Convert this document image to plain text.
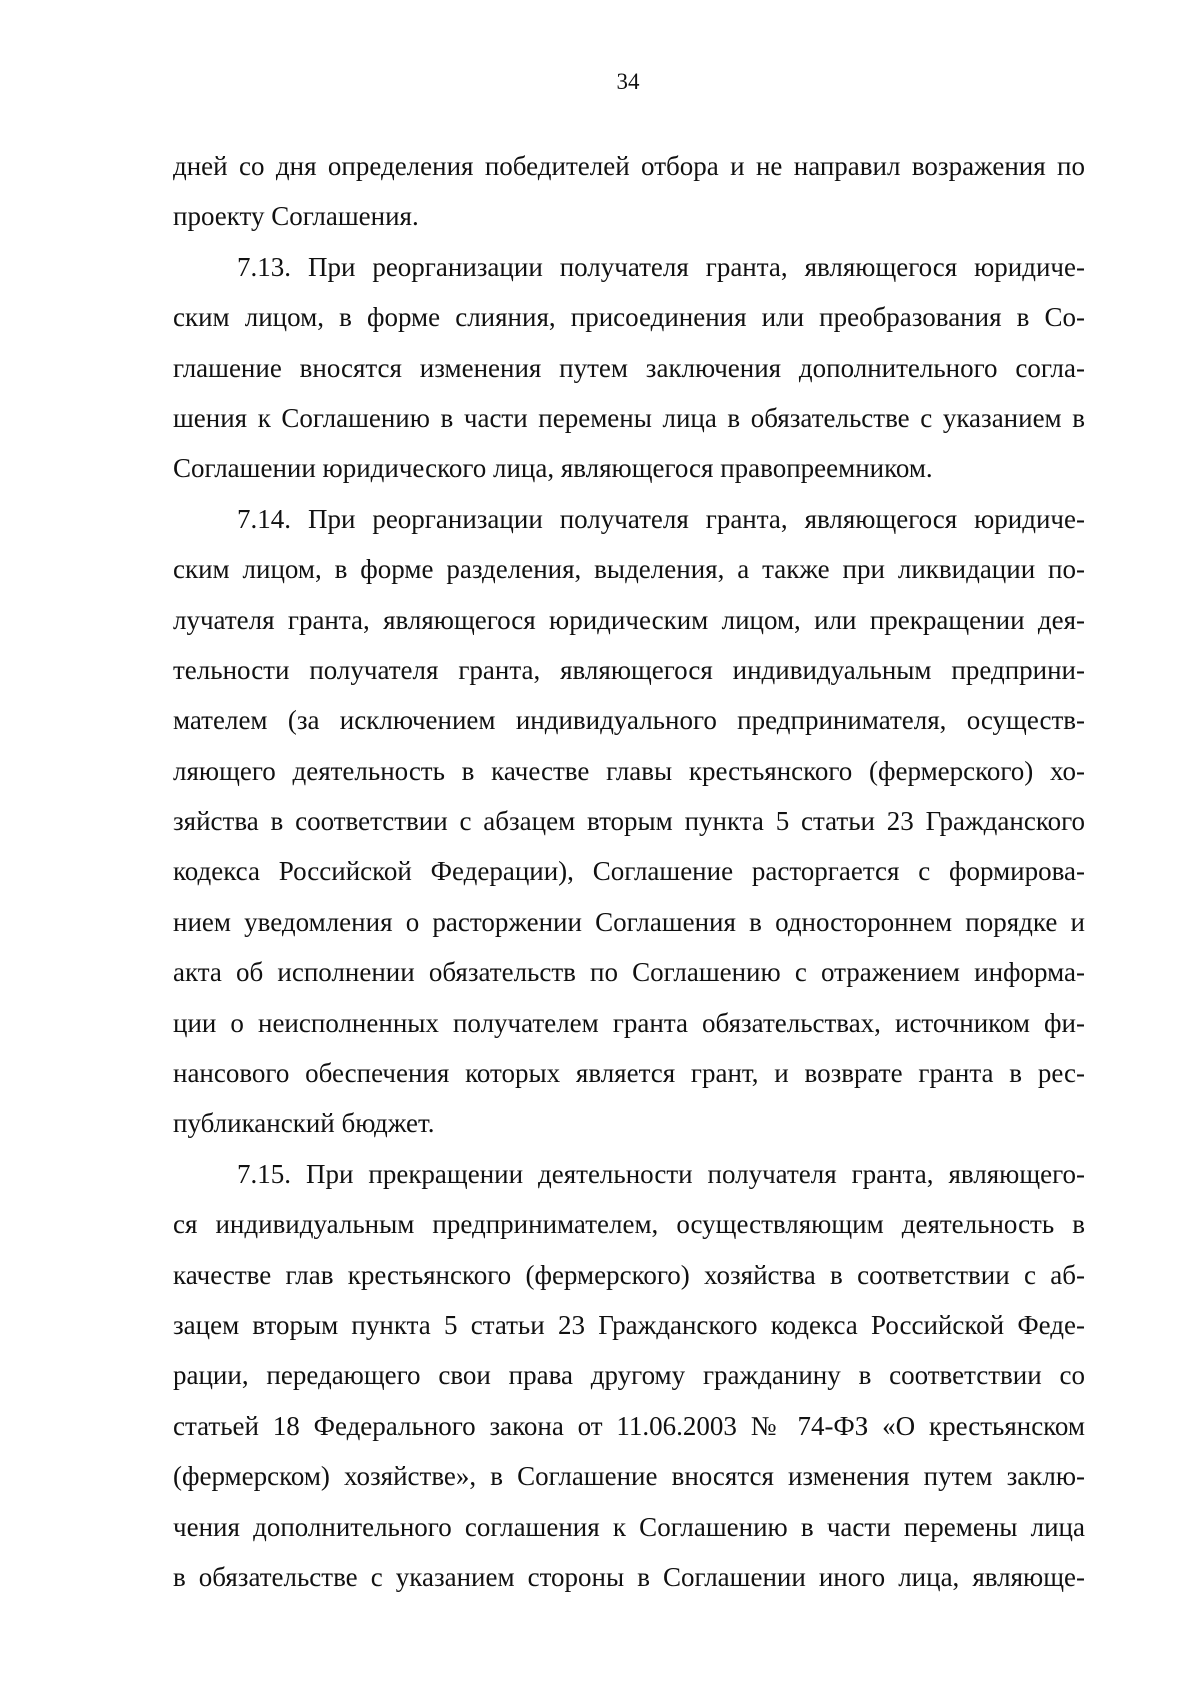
34
дней со дня определения победителей отбора и не направил возражения по
проекту Соглашения.
7.13. При реорганизации получателя гранта, являющегося юридиче-
ским лицом, в форме слияния, присоединения или преобразования в Со-
глашение вносятся изменения путем заключения дополнительного согла-
шения к Соглашению в части перемены лица в обязательстве с указанием в
Соглашении юридического лица, являющегося правопреемником.
7.14. При реорганизации получателя гранта, являющегося юридиче-
ским лицом, в форме разделения, выделения, а также при ликвидации по-
лучателя гранта, являющегося юридическим лицом, или прекращении дея-
тельности получателя гранта, являющегося индивидуальным предприни-
мателем (за исключением индивидуального предпринимателя, осуществ-
ляющего деятельность в качестве главы крестьянского (фермерского) хо-
зяйства в соответствии с абзацем вторым пункта 5 статьи 23 Гражданского
кодекса Российской Федерации), Соглашение расторгается с формирова-
нием уведомления о расторжении Соглашения в одностороннем порядке и
акта об исполнении обязательств по Соглашению с отражением информа-
ции о неисполненных получателем гранта обязательствах, источником фи-
нансового обеспечения которых является грант, и возврате гранта в рес-
публиканский бюджет.
7.15. При прекращении деятельности получателя гранта, являющего-
ся индивидуальным предпринимателем, осуществляющим деятельность в
качестве глав крестьянского (фермерского) хозяйства в соответствии с аб-
зацем вторым пункта 5 статьи 23 Гражданского кодекса Российской Феде-
рации, передающего свои права другому гражданину в соответствии со
статьей 18 Федерального закона от 11.06.2003 № 74-ФЗ «О крестьянском
(фермерском) хозяйстве», в Соглашение вносятся изменения путем заклю-
чения дополнительного соглашения к Соглашению в части перемены лица
в обязательстве с указанием стороны в Соглашении иного лица, являюще-
